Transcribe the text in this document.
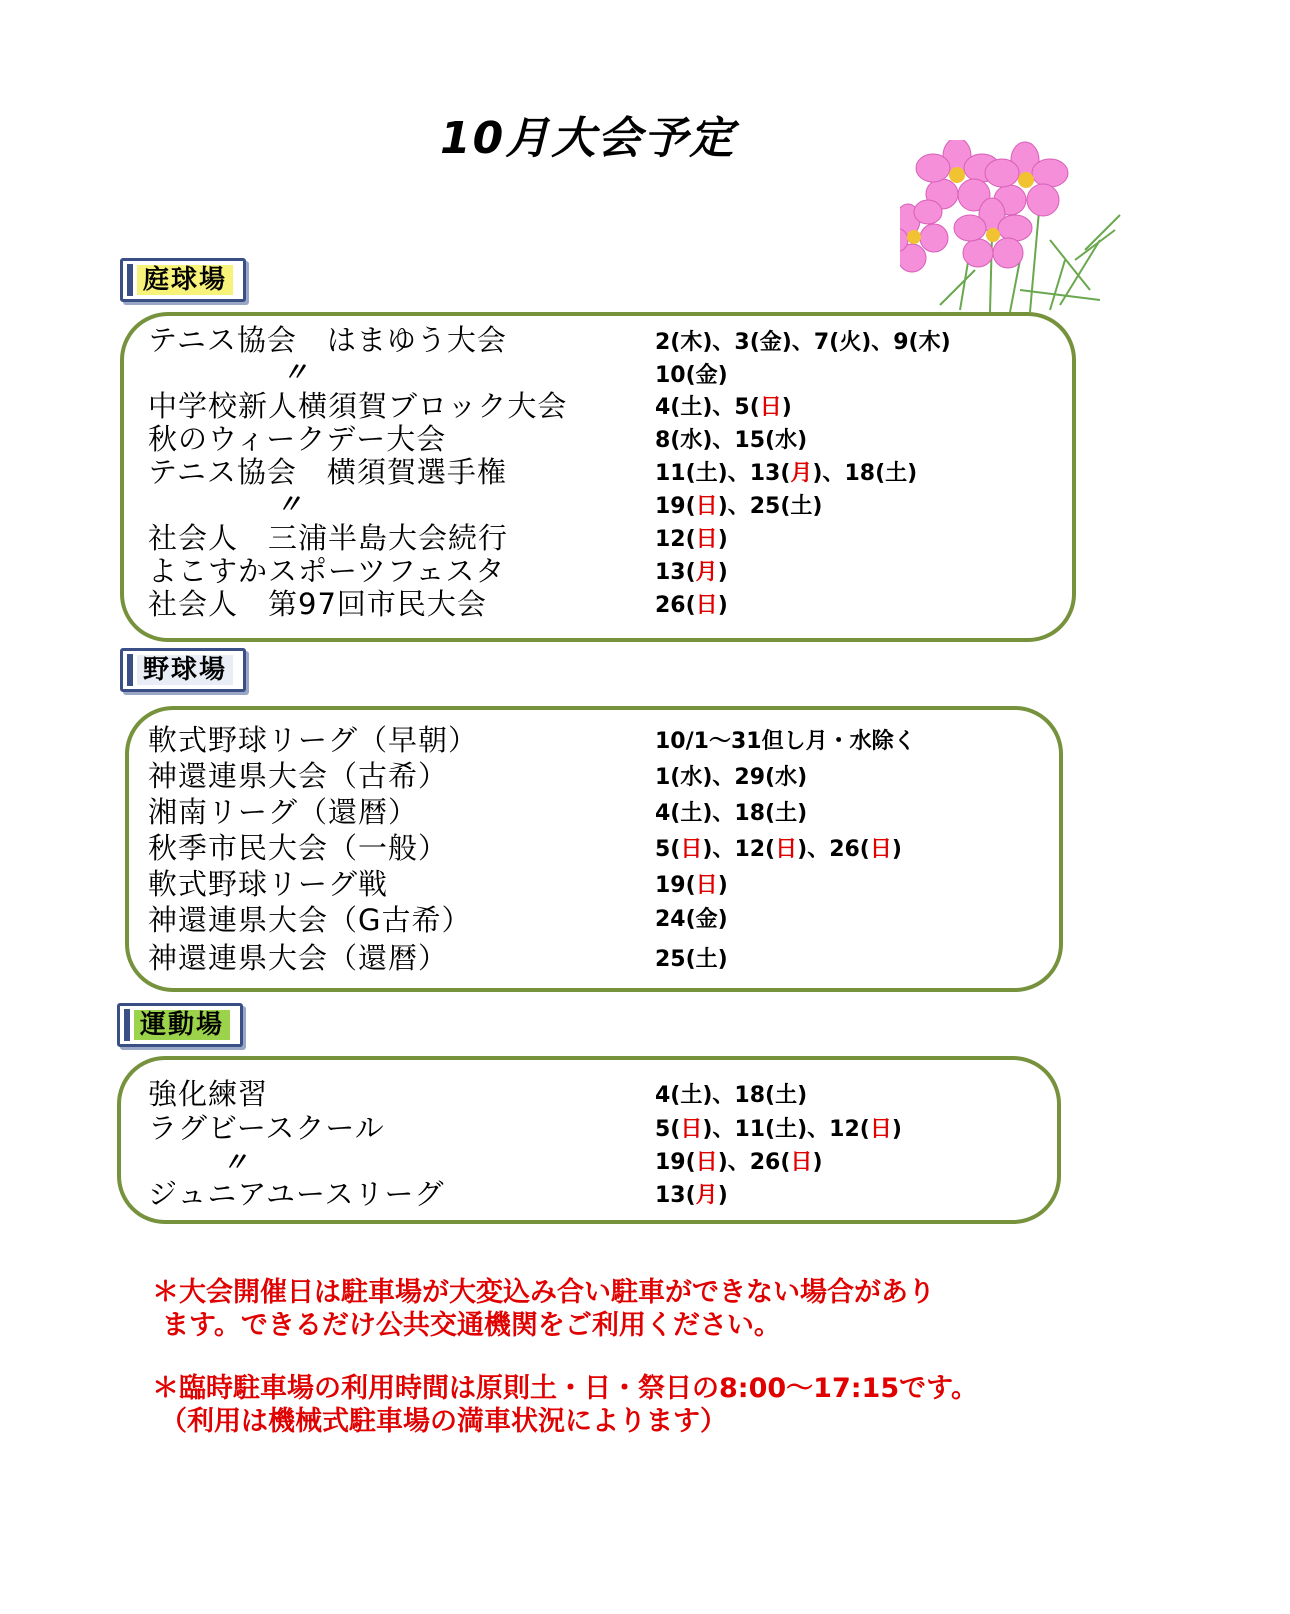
10月大会予定
庭球場
テニス協会　はまゆう大会
〃
中学校新人横須賀ブロック大会
秋のウィークデー大会
テニス協会　横須賀選手権
〃
社会人　三浦半島大会続行
よこすかスポーツフェスタ
社会人　第97回市民大会
2(木)、3(金)、7(火)、9(木)
10(金)
4(土)、5(日)
8(水)、15(水)
11(土)、13(月)、18(土)
19(日)、25(土)
12(日)
13(月)
26(日)
野球場
軟式野球リーグ（早朝）
神還連県大会（古希）
湘南リーグ（還暦）
秋季市民大会（一般）
軟式野球リーグ戦
神還連県大会（G古希）
神還連県大会（還暦）
10/1〜31但し月・水除く
1(水)、29(水)
4(土)、18(土)
5(日)、12(日)、26(日)
19(日)
24(金)
25(土)
運動場
強化練習
ラグビースクール
〃
ジュニアユースリーグ
4(土)、18(土)
5(日)、11(土)、12(日)
19(日)、26(日)
13(月)
＊大会開催日は駐車場が大変込み合い駐車ができない場合があり
ます。できるだけ公共交通機関をご利用ください。
＊臨時駐車場の利用時間は原則土・日・祭日の8:00〜17:15です。
（利用は機械式駐車場の満車状況によります）
